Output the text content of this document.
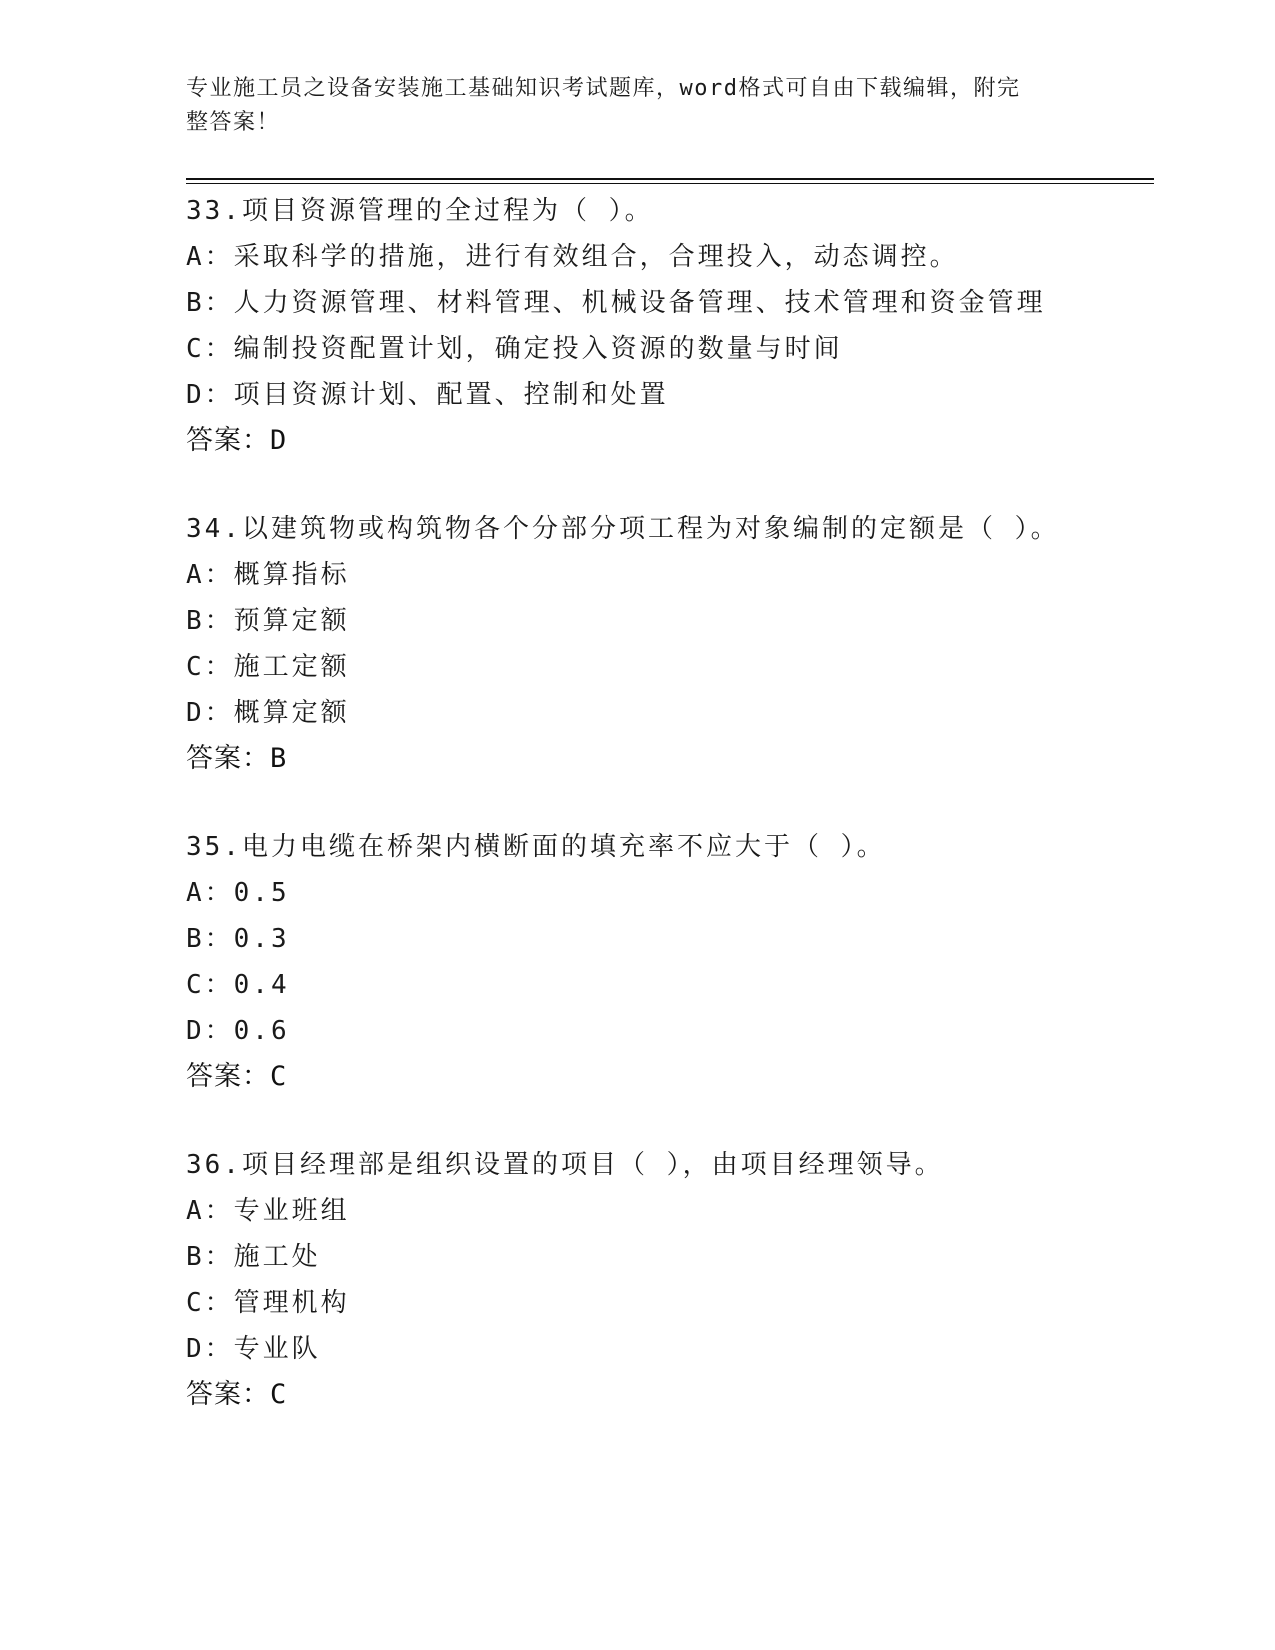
专业施工员之设备安装施工基础知识考试题库，word格式可自由下载编辑，附完
整答案！
33.项目资源管理的全过程为（ ）。
A：采取科学的措施，进行有效组合，合理投入，动态调控。
B：人力资源管理、材料管理、机械设备管理、技术管理和资金管理
C：编制投资配置计划，确定投入资源的数量与时间
D：项目资源计划、配置、控制和处置
答案：D
34.以建筑物或构筑物各个分部分项工程为对象编制的定额是（ ）。
A：概算指标
B：预算定额
C：施工定额
D：概算定额
答案：B
35.电力电缆在桥架内横断面的填充率不应大于（ ）。
A：0.5
B：0.3
C：0.4
D：0.6
答案：C
36.项目经理部是组织设置的项目（ ），由项目经理领导。
A：专业班组
B：施工处
C：管理机构
D：专业队
答案：C
